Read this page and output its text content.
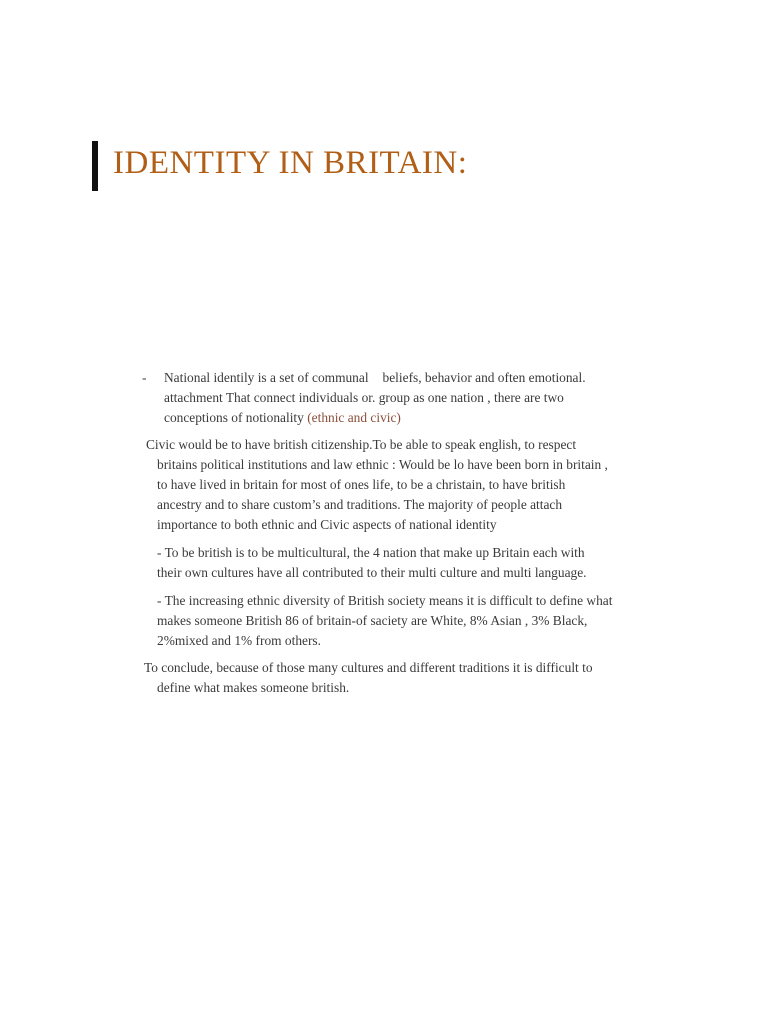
IDENTITY IN BRITAIN:
- National identily is a set of communal beliefs, behavior and often emotional.
attachment That connect individuals or. group as one nation , there are two
conceptions of notionality (ethnic and civic)
Civic would be to have british citizenship.To be able to speak english, to respect
britains political institutions and law ethnic : Would be lo have been born in britain ,
to have lived in britain for most of ones life, to be a christain, to have british
ancestry and to share custom’s and traditions. The majority of people attach
importance to both ethnic and Civic aspects of national identity
- To be british is to be multicultural, the 4 nation that make up Britain each with
their own cultures have all contributed to their multi culture and multi language.
- The increasing ethnic diversity of British society means it is difficult to define what
makes someone British 86 of britain-of saciety are White, 8% Asian , 3% Black,
2%mixed and 1% from others.
To conclude, because of those many cultures and different traditions it is difficult to
define what makes someone british.
